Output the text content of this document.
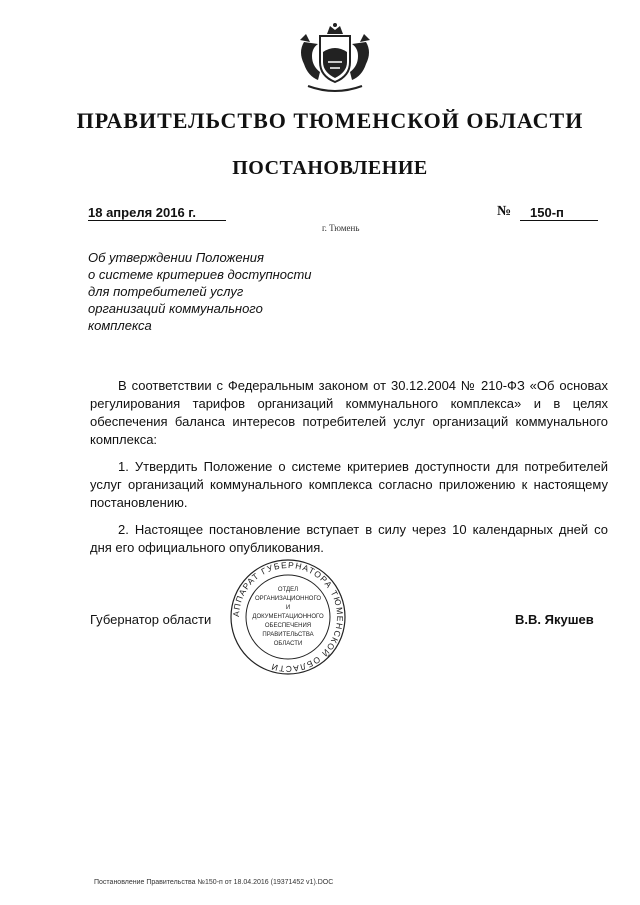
ПРАВИТЕЛЬСТВО ТЮМЕНСКОЙ ОБЛАСТИ
ПОСТАНОВЛЕНИЕ
18 апреля 2016 г.	№	150-п
г. Тюмень
Об утверждении Положения
о системе критериев доступности
для потребителей услуг
организаций коммунального
комплекса

В соответствии с Федеральным законом от 30.12.2004 № 210-ФЗ «Об основах регулирования тарифов организаций коммунального комплекса» и в целях обеспечения баланса интересов потребителей услуг организаций коммунального комплекса:

1. Утвердить Положение о системе критериев доступности для потребителей услуг организаций коммунального комплекса согласно приложению к настоящему постановлению.

2. Настоящее постановление вступает в силу через 10 календарных дней со дня его официального опубликования.

Губернатор области	В.В. Якушев
АППАРАТ ГУБЕРНАТОРА ТЮМЕНСКОЙ ОБЛАСТИ
ОТДЕЛ
ОРГАНИЗАЦИОННОГО
И
ДОКУМЕНТАЦИОННОГО
ОБЕСПЕЧЕНИЯ
ПРАВИТЕЛЬСТВА
ОБЛАСТИ
Постановление Правительства №150-п от 18.04.2016 (19371452 v1).DOC
